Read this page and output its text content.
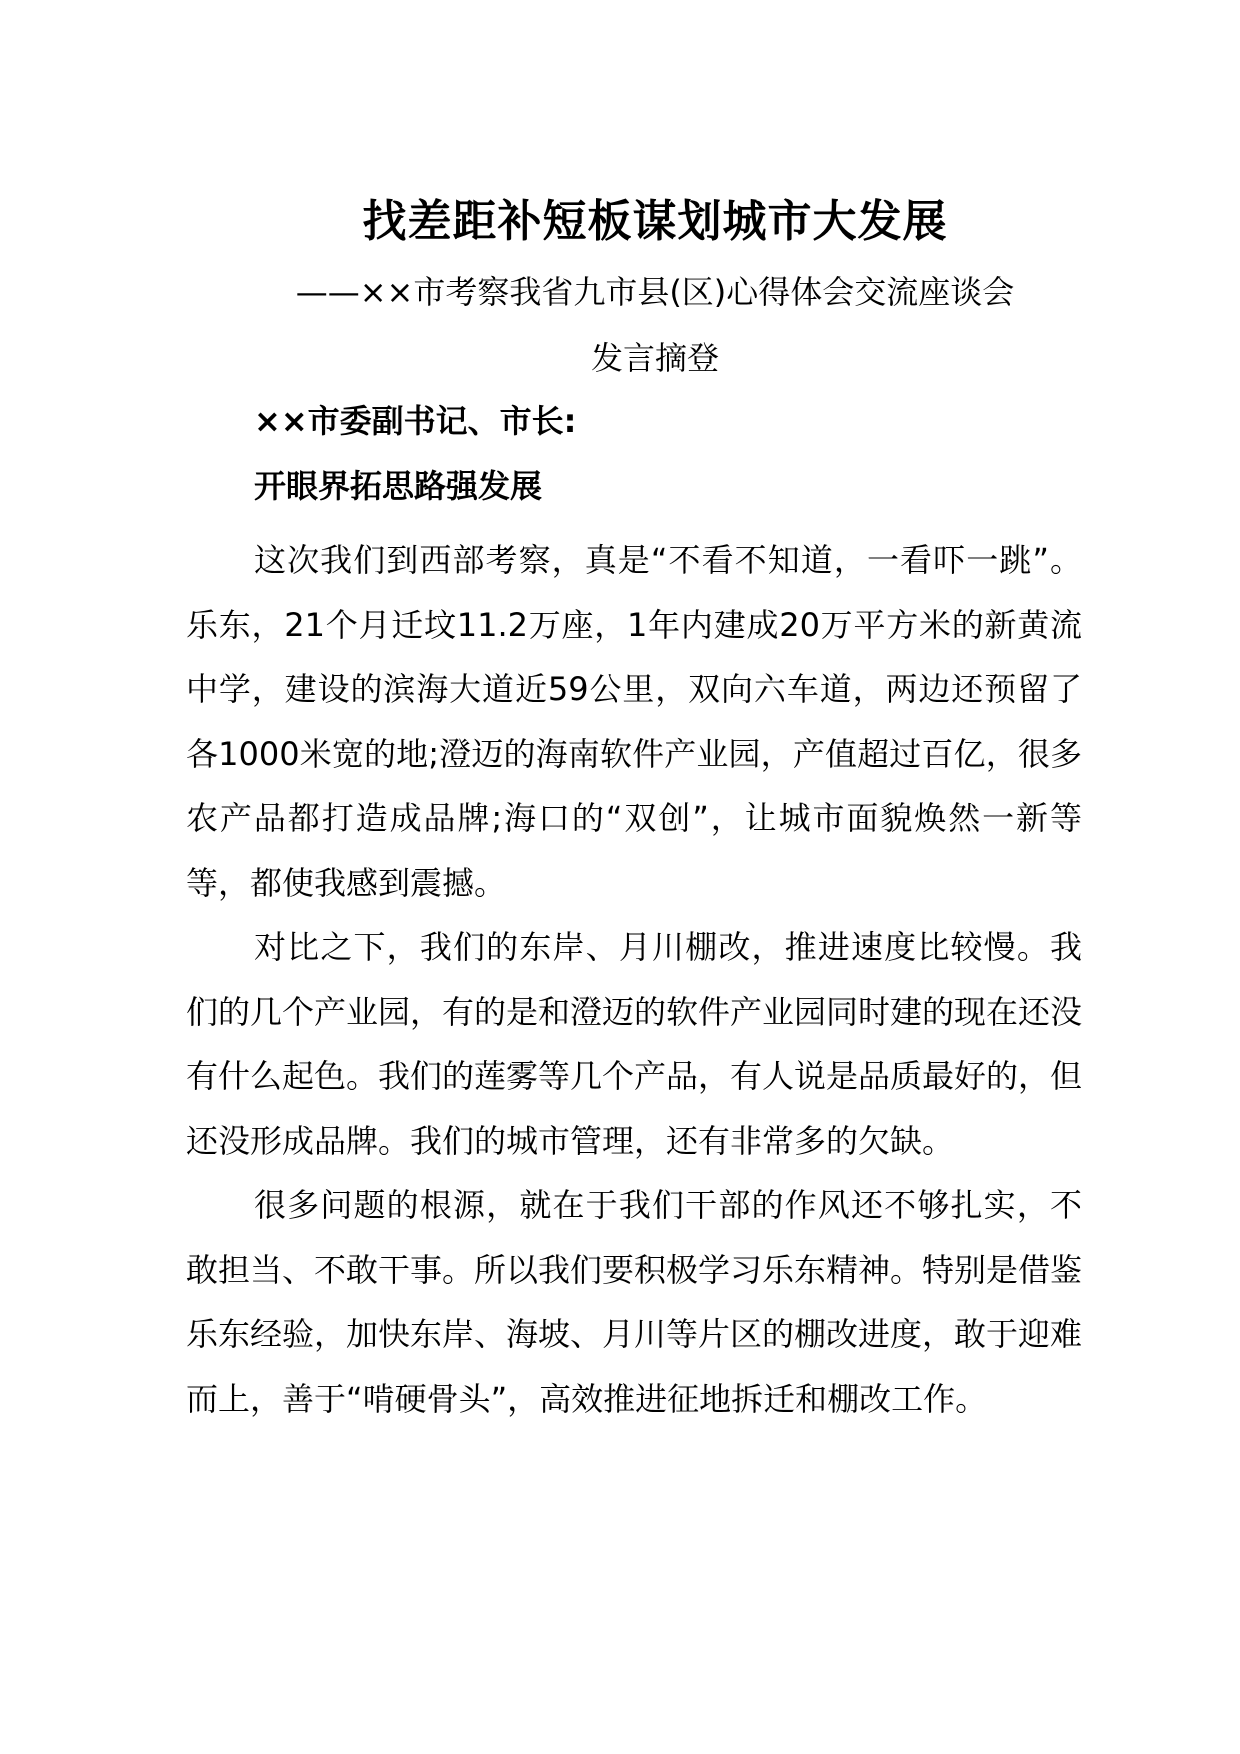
找差距补短板谋划城市大发展
——××市考察我省九市县(区)心得体会交流座谈会
发言摘登
××市委副书记、市长:
开眼界拓思路强发展

这次我们到西部考察，真是“不看不知道，一看吓一跳”。乐东，21个月迁坟11.2万座，1年内建成20万平方米的新黄流中学，建设的滨海大道近59公里，双向六车道，两边还预留了各1000米宽的地;澄迈的海南软件产业园，产值超过百亿，很多农产品都打造成品牌;海口的“双创”，让城市面貌焕然一新等等，都使我感到震撼。

对比之下，我们的东岸、月川棚改，推进速度比较慢。我们的几个产业园，有的是和澄迈的软件产业园同时建的现在还没有什么起色。我们的莲雾等几个产品，有人说是品质最好的，但还没形成品牌。我们的城市管理，还有非常多的欠缺。

很多问题的根源，就在于我们干部的作风还不够扎实，不敢担当、不敢干事。所以我们要积极学习乐东精神。特别是借鉴乐东经验，加快东岸、海坡、月川等片区的棚改进度，敢于迎难而上，善于“啃硬骨头”，高效推进征地拆迁和棚改工作。
